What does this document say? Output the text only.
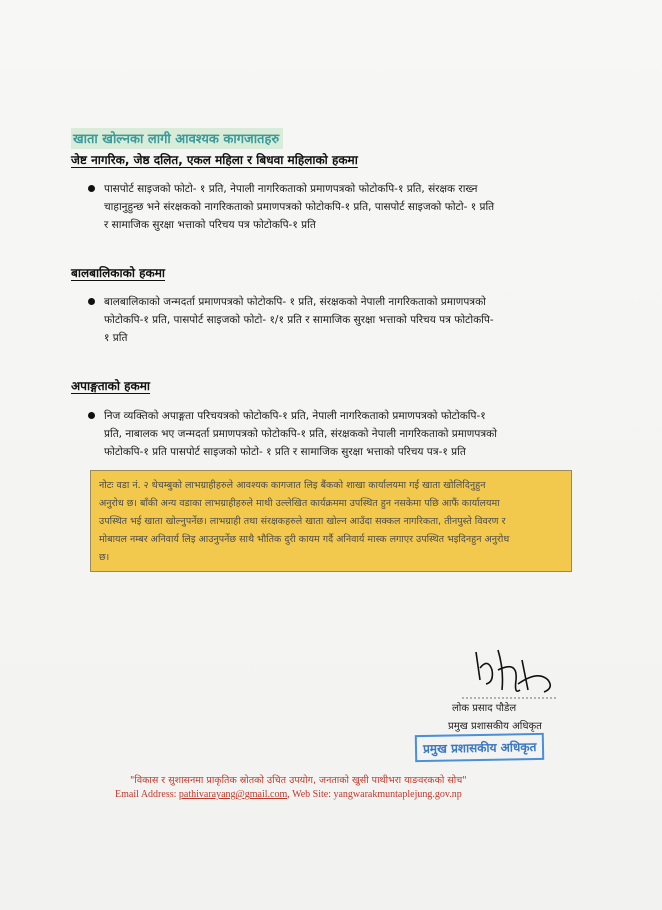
खाता खोल्नका लागी आवश्यक कागजातहरु
जेष्ट नागरिक, जेष्ठ दलित, एकल महिला र बिधवा महिलाको हकमा
पासपोर्ट साइजको फोटो- १ प्रति, नेपाली नागरिकताको प्रमाणपत्रको फोटोकपि-१ प्रति, संरक्षक राख्न
चाहानुहुन्छ भने संरक्षकको नागरिकताको प्रमाणपत्रको फोटोकपि-१ प्रति, पासपोर्ट साइजको फोटो- १ प्रति
र सामाजिक सुरक्षा भत्ताको परिचय पत्र फोटोकपि-१ प्रति
बालबालिकाको हकमा
बालबालिकाको जन्मदर्ता प्रमाणपत्रको फोटोकपि- १ प्रति, संरक्षकको नेपाली नागरिकताको प्रमाणपत्रको
फोटोकपि-१ प्रति, पासपोर्ट साइजको फोटो- १/१ प्रति र सामाजिक सुरक्षा भत्ताको परिचय पत्र फोटोकपि-
१ प्रति
अपाङ्गताको हकमा
निज व्यक्तिको अपाङ्गता परिचयत्रको फोटोकपि-१ प्रति, नेपाली नागरिकताको प्रमाणपत्रको फोटोकपि-१
प्रति, नाबालक भए जन्मदर्ता प्रमाणपत्रको फोटोकपि-१ प्रति, संरक्षकको नेपाली नागरिकताको प्रमाणपत्रको
फोटोकपि-१ प्रति पासपोर्ट साइजको फोटो- १ प्रति र सामाजिक सुरक्षा भत्ताको परिचय पत्र-१ प्रति
नोटः वडा नं. २ थेचम्बुको लाभग्राहीहरुले आवश्यक कागजात लिइ बैंकको शाखा कार्यालयमा गई खाता खोलिदिनुहुन
अनुरोध छ। बाँकी अन्य वडाका लाभग्राहीहरुले माथी उल्लेखित कार्यक्रममा उपस्थित हुन नसकेमा पछि आफैं कार्यालयमा
उपस्थित भई खाता खोल्नुपर्नेछ। लाभग्राही तथा संरक्षकहरुले खाता खोल्न आउँदा सक्कल नागरिकता, तीनपुस्ते विवरण र
मोबायल नम्बर अनिवार्य लिइ आउनुपर्नेछ साथै भौतिक दुरी कायम गर्दै अनिवार्य मास्क लगाएर उपस्थित भइदिनहुन अनुरोध
छ।
लोक प्रसाद पौडेल
प्रमुख प्रशासकीय अधिकृत
प्रमुख प्रशासकीय अधिकृत
"विकास र सुशासनमा प्राकृतिक स्रोतको उचित उपयोग, जनताको खुसी पाथीभरा याङवरकको सोच"
Email Address: pathivarayang@gmail.com, Web Site: yangwarakmuntaplejung.gov.np
